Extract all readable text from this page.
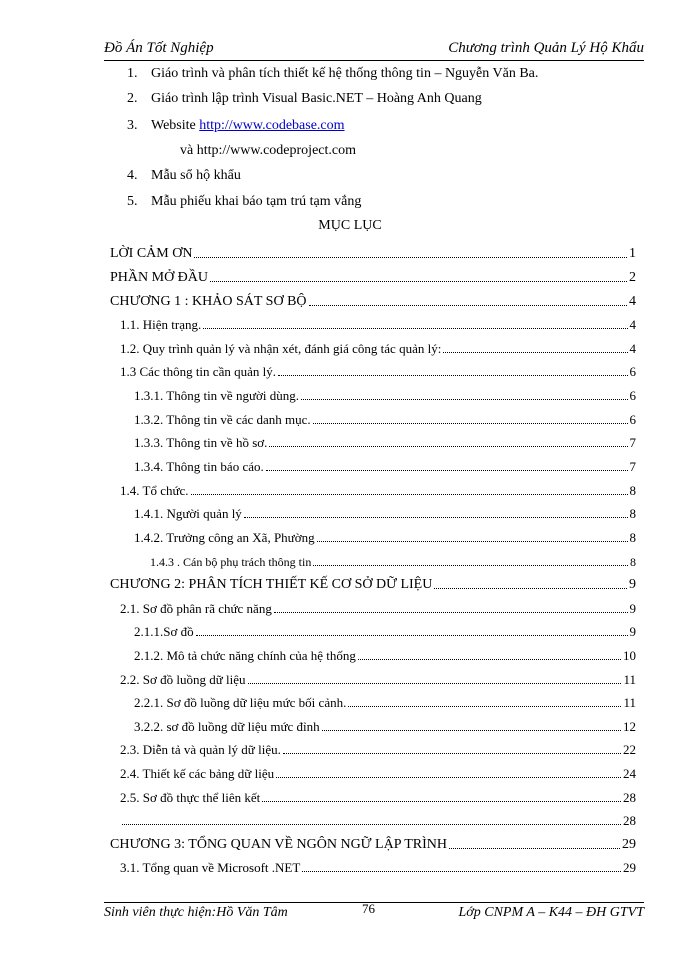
Đồ Án Tốt Nghiệp	Chương trình Quản Lý Hộ Khẩu
1. Giáo trình và phân tích thiết kế hệ thống thông tin – Nguyễn Văn Ba.
2. Giáo trình lập trình Visual Basic.NET – Hoàng Anh Quang
3. Website http://www.codebase.com
và http://www.codeproject.com
4. Mẫu sổ hộ khẩu
5. Mẫu phiếu khai báo tạm trú tạm vắng
MỤC LỤC
LỜI CẢM ƠN	1
PHẦN MỞ ĐẦU	2
CHƯƠNG 1 : KHẢO SÁT SƠ BỘ	4
1.1. Hiện trạng.	4
1.2. Quy trình quản lý và nhận xét, đánh giá công tác quản lý:	4
1.3 Các thông tin cần quản lý.	6
1.3.1. Thông tin về người dùng.	6
1.3.2. Thông tin về các danh mục.	6
1.3.3. Thông tin về hồ sơ.	7
1.3.4. Thông tin báo cáo.	7
1.4. Tổ chức.	8
1.4.1. Người quản lý	8
1.4.2. Trưởng công an Xã, Phường	8
1.4.3 . Cán bộ phụ trách thông tin	8
CHƯƠNG 2: PHÂN TÍCH THIẾT KẾ CƠ SỞ DỮ LIỆU	9
2.1. Sơ đồ phân rã chức năng	9
2.1.1.Sơ đồ	9
2.1.2. Mô tả chức năng chính của hệ thống	10
2.2. Sơ đồ luồng dữ liệu	11
2.2.1. Sơ đồ luồng dữ liệu mức bối cảnh.	11
3.2.2. sơ đồ luồng dữ liệu mức đỉnh	12
2.3. Diễn tả và quản lý dữ liệu.	22
2.4. Thiết kế các bảng dữ liệu	24
2.5. Sơ đồ thực thể liên kết	28
28
CHƯƠNG 3: TỔNG QUAN VỀ NGÔN NGỮ LẬP TRÌNH	29
3.1. Tổng quan về Microsoft .NET	29
Sinh viên thực hiện:Hồ Văn Tâm	76	Lớp CNPM A – K44 – ĐH GTVT
